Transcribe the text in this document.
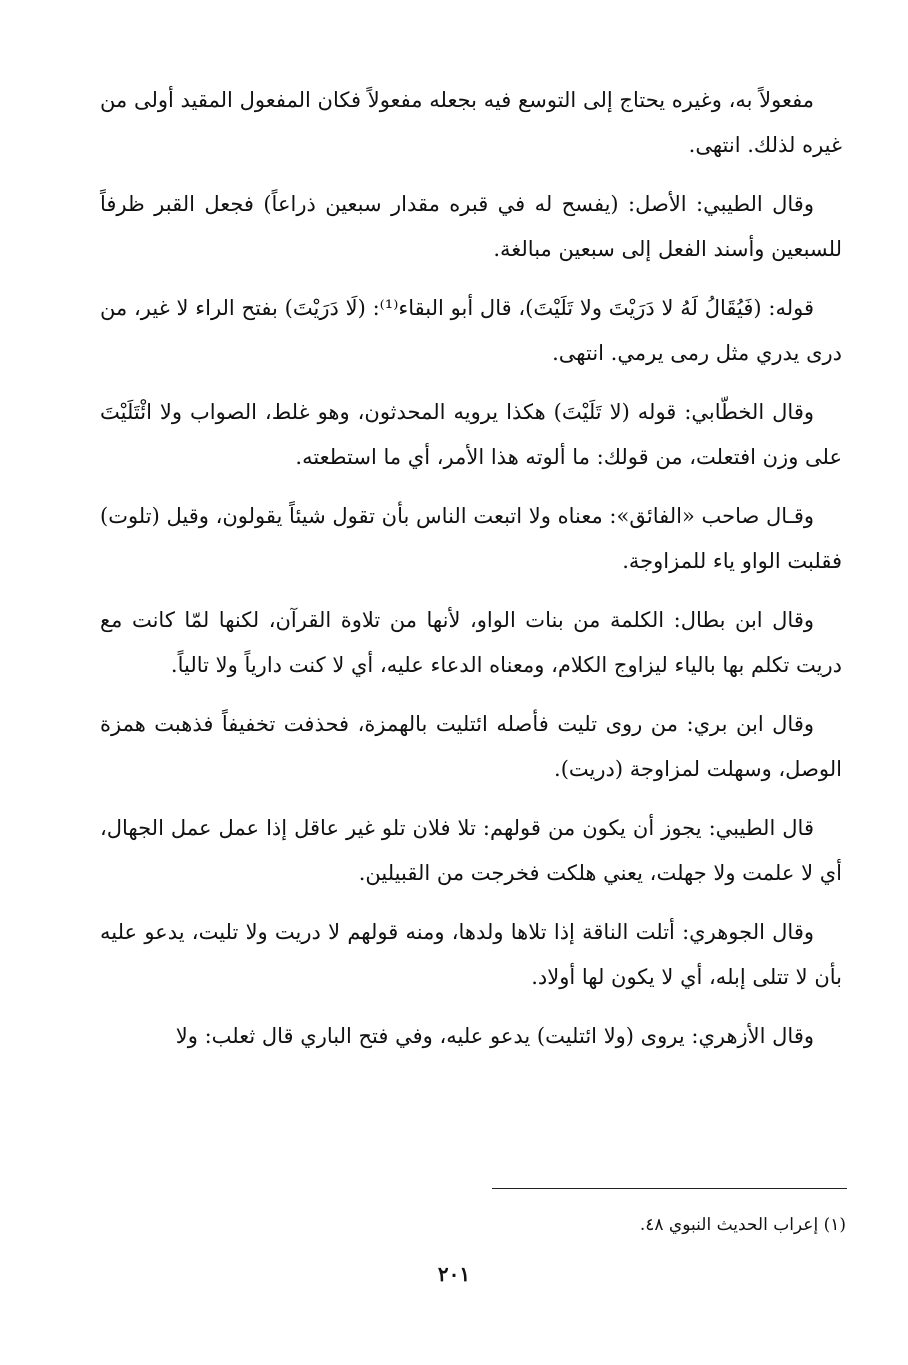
مفعولاً به، وغيره يحتاج إلى التوسع فيه بجعله مفعولاً فكان المفعول المقيد أولى من غيره لذلك. انتهى.

وقال الطيبي: الأصل: (يفسح له في قبره مقدار سبعين ذراعاً) فجعل القبر ظرفاً للسبعين وأسند الفعل إلى سبعين مبالغة.

قوله: (فَيُقَالُ لَهُ لا دَرَيْتَ ولا تَلَيْتَ)، قال أبو البقاء⁽¹⁾: (لَا دَرَيْتَ) بفتح الراء لا غير، من درى يدري مثل رمى يرمي. انتهى.

وقال الخطّابي: قوله (لا تَلَيْتَ) هكذا يرويه المحدثون، وهو غلط، الصواب ولا ائْتَلَيْتَ على وزن افتعلت، من قولك: ما ألوته هذا الأمر، أي ما استطعته.

وقـال صاحب «الفائق»: معناه ولا اتبعت الناس بأن تقول شيئاً يقولون، وقيل (تلوت) فقلبت الواو ياء للمزاوجة.

وقال ابن بطال: الكلمة من بنات الواو، لأنها من تلاوة القرآن، لكنها لمّا كانت مع دريت تكلم بها بالياء ليزاوج الكلام، ومعناه الدعاء عليه، أي لا كنت دارياً ولا تالياً.

وقال ابن بري: من روى تليت فأصله ائتليت بالهمزة، فحذفت تخفيفاً فذهبت همزة الوصل، وسهلت لمزاوجة (دريت).

قال الطيبي: يجوز أن يكون من قولهم: تلا فلان تلو غير عاقل إذا عمل عمل الجهال، أي لا علمت ولا جهلت، يعني هلكت فخرجت من القبيلين.

وقال الجوهري: أتلت الناقة إذا تلاها ولدها، ومنه قولهم لا دريت ولا تليت، يدعو عليه بأن لا تتلى إبله، أي لا يكون لها أولاد.

وقال الأزهري: يروى (ولا ائتليت) يدعو عليه، وفي فتح الباري قال ثعلب: ولا

(١) إعراب الحديث النبوي ٤٨.
٢٠١
